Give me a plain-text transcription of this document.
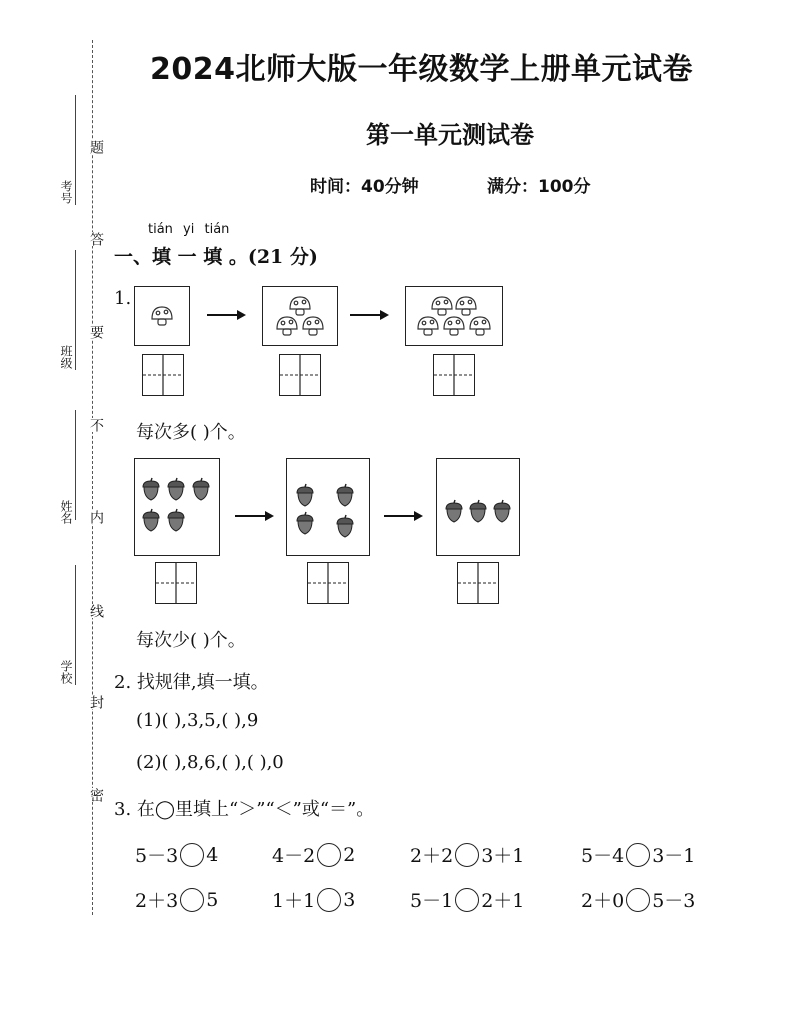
考号
班级
姓名
学校
题
答
要
不
内
线
封
密
2024北师大版一年级数学上册单元试卷
第一单元测试卷
时间：40分钟	满分：100分
tián yi tián
一、填 一 填 。(21 分)
1.
每次多( )个。
每次少( )个。
2. 找规律,填一填。
(1)( ),3,5,( ),9
(2)( ),8,6,( ),( ),0
3. 在◯里填上“＞”“＜”或“＝”。
5－3 4	4－2 2	2＋2 3＋1	5－4 3－1
2＋3 5	1＋1 3	5－1 2＋1	2＋0 5－3
